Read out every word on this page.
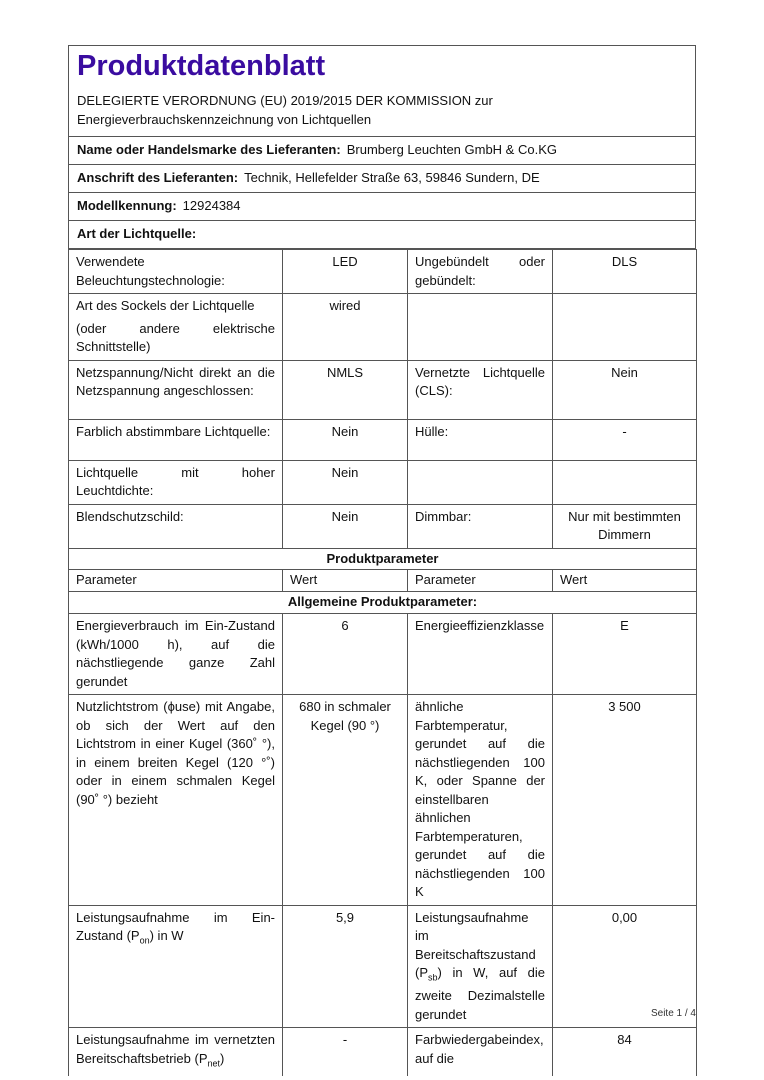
Produktdatenblatt
DELEGIERTE VERORDNUNG (EU) 2019/2015 DER KOMMISSION zur
Energieverbrauchskennzeichnung von Lichtquellen
Name oder Handelsmarke des Lieferanten: Brumberg Leuchten GmbH & Co.KG
Anschrift des Lieferanten: Technik, Hellefelder Straße 63, 59846 Sundern, DE
Modellkennung: 12924384
Art der Lichtquelle:
Verwendete Beleuchtungstechnologie:	LED	Ungebündelt oder gebündelt:	DLS

Art des Sockels der Lichtquelle
(oder andere elektrische Schnittstelle)	wired		
Netzspannung/Nicht direkt an die Netzspannung angeschlossen:	NMLS	Vernetzte Lichtquelle (CLS):	Nein
Farblich abstimmbare Lichtquelle:	Nein	Hülle:	-
Lichtquelle mit hoher Leuchtdichte:	Nein		
Blendschutzschild:	Nein	Dimmbar:	Nur mit bestimmten Dimmern
Produktparameter			
Parameter	Wert	Parameter	Wert
Allgemeine Produktparameter:			
Energieverbrauch im Ein-Zustand (kWh/1000 h), auf die nächstliegende ganze Zahl gerundet	6	Energieeffizienzklasse	E
Nutzlichtstrom (ϕuse) mit Angabe, ob sich der Wert auf den Lichtstrom in einer Kugel (360˚ °), in einem breiten Kegel (120 °˚) oder in einem schmalen Kegel (90˚ °) bezieht	680 in schmaler Kegel (90 °)	ähnliche Farbtemperatur, gerundet auf die nächstliegenden 100 K, oder Spanne der einstellbaren ähnlichen Farbtemperaturen, gerundet auf die nächstliegenden 100 K	3 500
Leistungsaufnahme im Ein-Zustand $(P_{on})$ in W	5,9	Leistungsaufnahme im Bereitschaftszustand $(P_{sb})$ in W, auf die zweite Dezimalstelle gerundet	0,00
Leistungsaufnahme im vernetzten Bereitschaftsbetrieb $(P_{net})$	-	Farbwiedergabeindex, auf die	84
Seite 1 / 4
